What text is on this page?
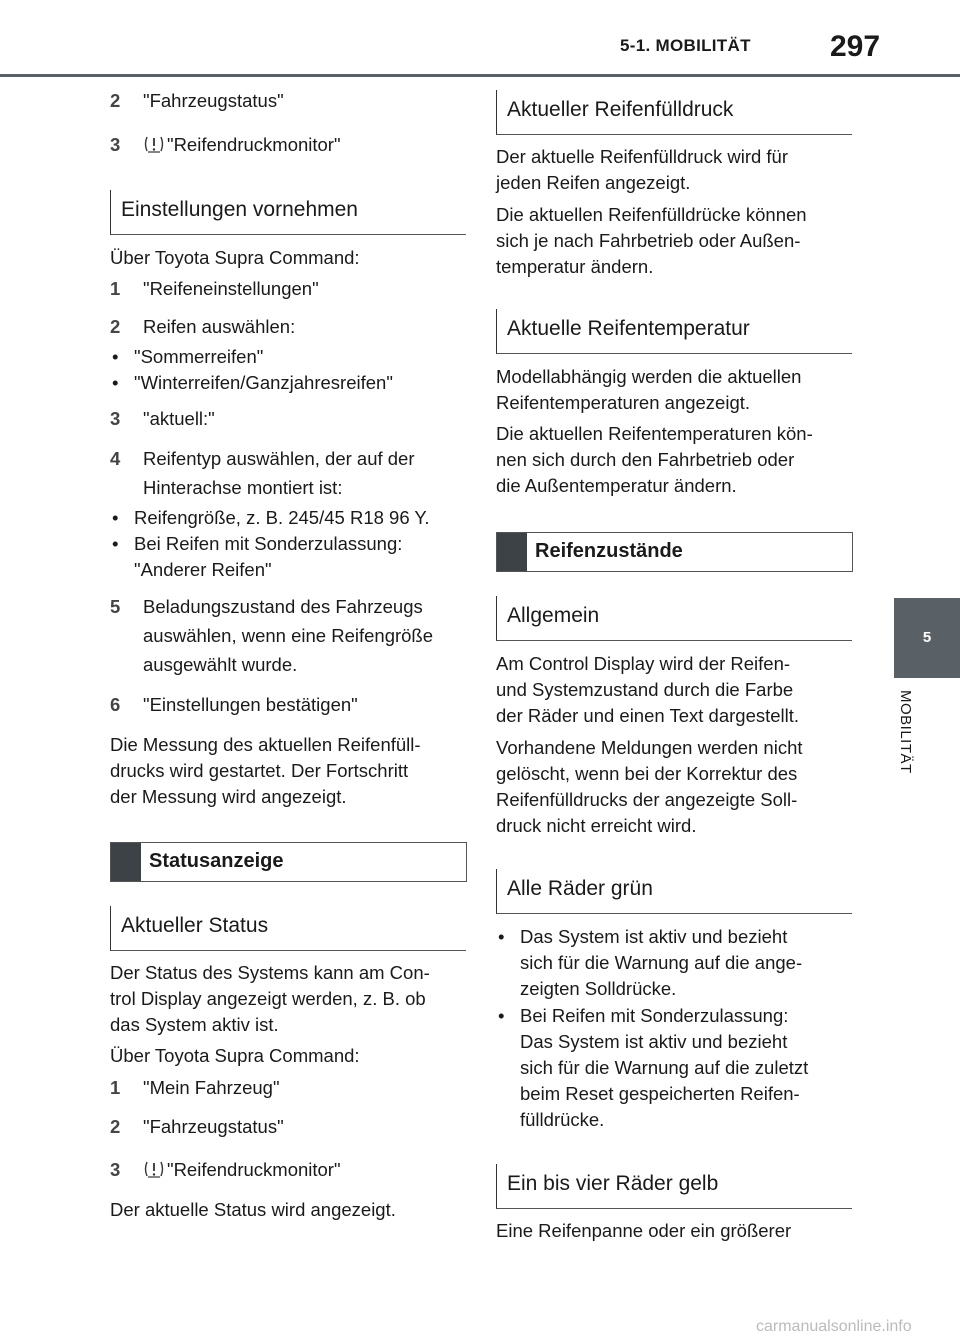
5-1. MOBILITÄT	297
5
MOBILITÄT
2 "Fahrzeugstatus"
3	"Reifendruckmonitor"
Einstellungen vornehmen
Über Toyota Supra Command:
1 "Reifeneinstellungen"
2 Reifen auswählen:
• "Sommerreifen"
• "Winterreifen/Ganzjahresreifen"
3 "aktuell:"
4 Reifentyp auswählen, der auf der
Hinterachse montiert ist:
• Reifengröße, z. B. 245/45 R18 96 Y.
• Bei Reifen mit Sonderzulassung:
"Anderer Reifen"
5 Beladungszustand des Fahrzeugs
auswählen, wenn eine Reifengröße
ausgewählt wurde.
6 "Einstellungen bestätigen"
Die Messung des aktuellen Reifenfüll-
drucks wird gestartet. Der Fortschritt
der Messung wird angezeigt.
Statusanzeige
Aktueller Status
Der Status des Systems kann am Con-
trol Display angezeigt werden, z. B. ob
das System aktiv ist.
Über Toyota Supra Command:
1 "Mein Fahrzeug"
2 "Fahrzeugstatus"
3	"Reifendruckmonitor"
Der aktuelle Status wird angezeigt.
Aktueller Reifenfülldruck
Der aktuelle Reifenfülldruck wird für
jeden Reifen angezeigt.
Die aktuellen Reifenfülldrücke können
sich je nach Fahrbetrieb oder Außen-
temperatur ändern.
Aktuelle Reifentemperatur
Modellabhängig werden die aktuellen
Reifentemperaturen angezeigt.
Die aktuellen Reifentemperaturen kön-
nen sich durch den Fahrbetrieb oder
die Außentemperatur ändern.
Reifenzustände
Allgemein
Am Control Display wird der Reifen-
und Systemzustand durch die Farbe
der Räder und einen Text dargestellt.
Vorhandene Meldungen werden nicht
gelöscht, wenn bei der Korrektur des
Reifenfülldrucks der angezeigte Soll-
druck nicht erreicht wird.
Alle Räder grün
• Das System ist aktiv und bezieht
sich für die Warnung auf die ange-
zeigten Solldrücke.
• Bei Reifen mit Sonderzulassung:
Das System ist aktiv und bezieht
sich für die Warnung auf die zuletzt
beim Reset gespeicherten Reifen-
fülldrücke.
Ein bis vier Räder gelb
Eine Reifenpanne oder ein größerer
carmanualsonline.info
